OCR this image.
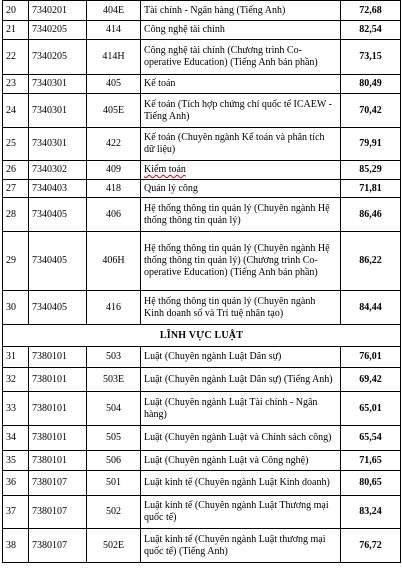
20	7340201	404E	Tài chính - Ngân hàng (Tiếng Anh)	72,68
21	7340205	414	Công nghệ tài chính	82,54
22	7340205	414H	Công nghệ tài chính (Chương trình Co-operative Education) (Tiếng Anh bán phần)	73,15
23	7340301	405	Kế toán	80,49
24	7340301	405E	Kế toán (Tích hợp chứng chỉ quốc tế ICAEW - Tiếng Anh)	70,42
25	7340301	422	Kế toán (Chuyên ngành Kế toán và phân tích dữ liệu)	79,91
26	7340302	409	Kiểm toán	85,29
27	7340403	418	Quản lý công	71,81
28	7340405	406	Hệ thống thông tin quản lý (Chuyên ngành Hệ thống thông tin quản lý)	86,46
29	7340405	406H	Hệ thống thông tin quản lý (Chuyên ngành Hệ thống thông tin quản lý) (Chương trình Co-operative Education) (Tiếng Anh bán phần)	86,22
30	7340405	416	Hệ thống thông tin quản lý (Chuyên ngành Kinh doanh số và Trí tuệ nhân tạo)	84,44
LĨNH VỰC LUẬT				
31	7380101	503	Luật (Chuyên ngành Luật Dân sự)	76,01
32	7380101	503E	Luật (Chuyên ngành Luật Dân sự) (Tiếng Anh)	69,42
33	7380101	504	Luật (Chuyên ngành Luật Tài chính - Ngân hàng)	65,01
34	7380101	505	Luật (Chuyên ngành Luật và Chính sách công)	65,54
35	7380101	506	Luật (Chuyên ngành Luật và Công nghệ)	71,65
36	7380107	501	Luật kinh tế (Chuyên ngành Luật Kinh doanh)	80,65
37	7380107	502	Luật kinh tế (Chuyên ngành Luật Thương mại quốc tế)	83,24
38	7380107	502E	Luật kinh tế (Chuyên ngành Luật thương mại quốc tế) (Tiếng Anh)	76,72
